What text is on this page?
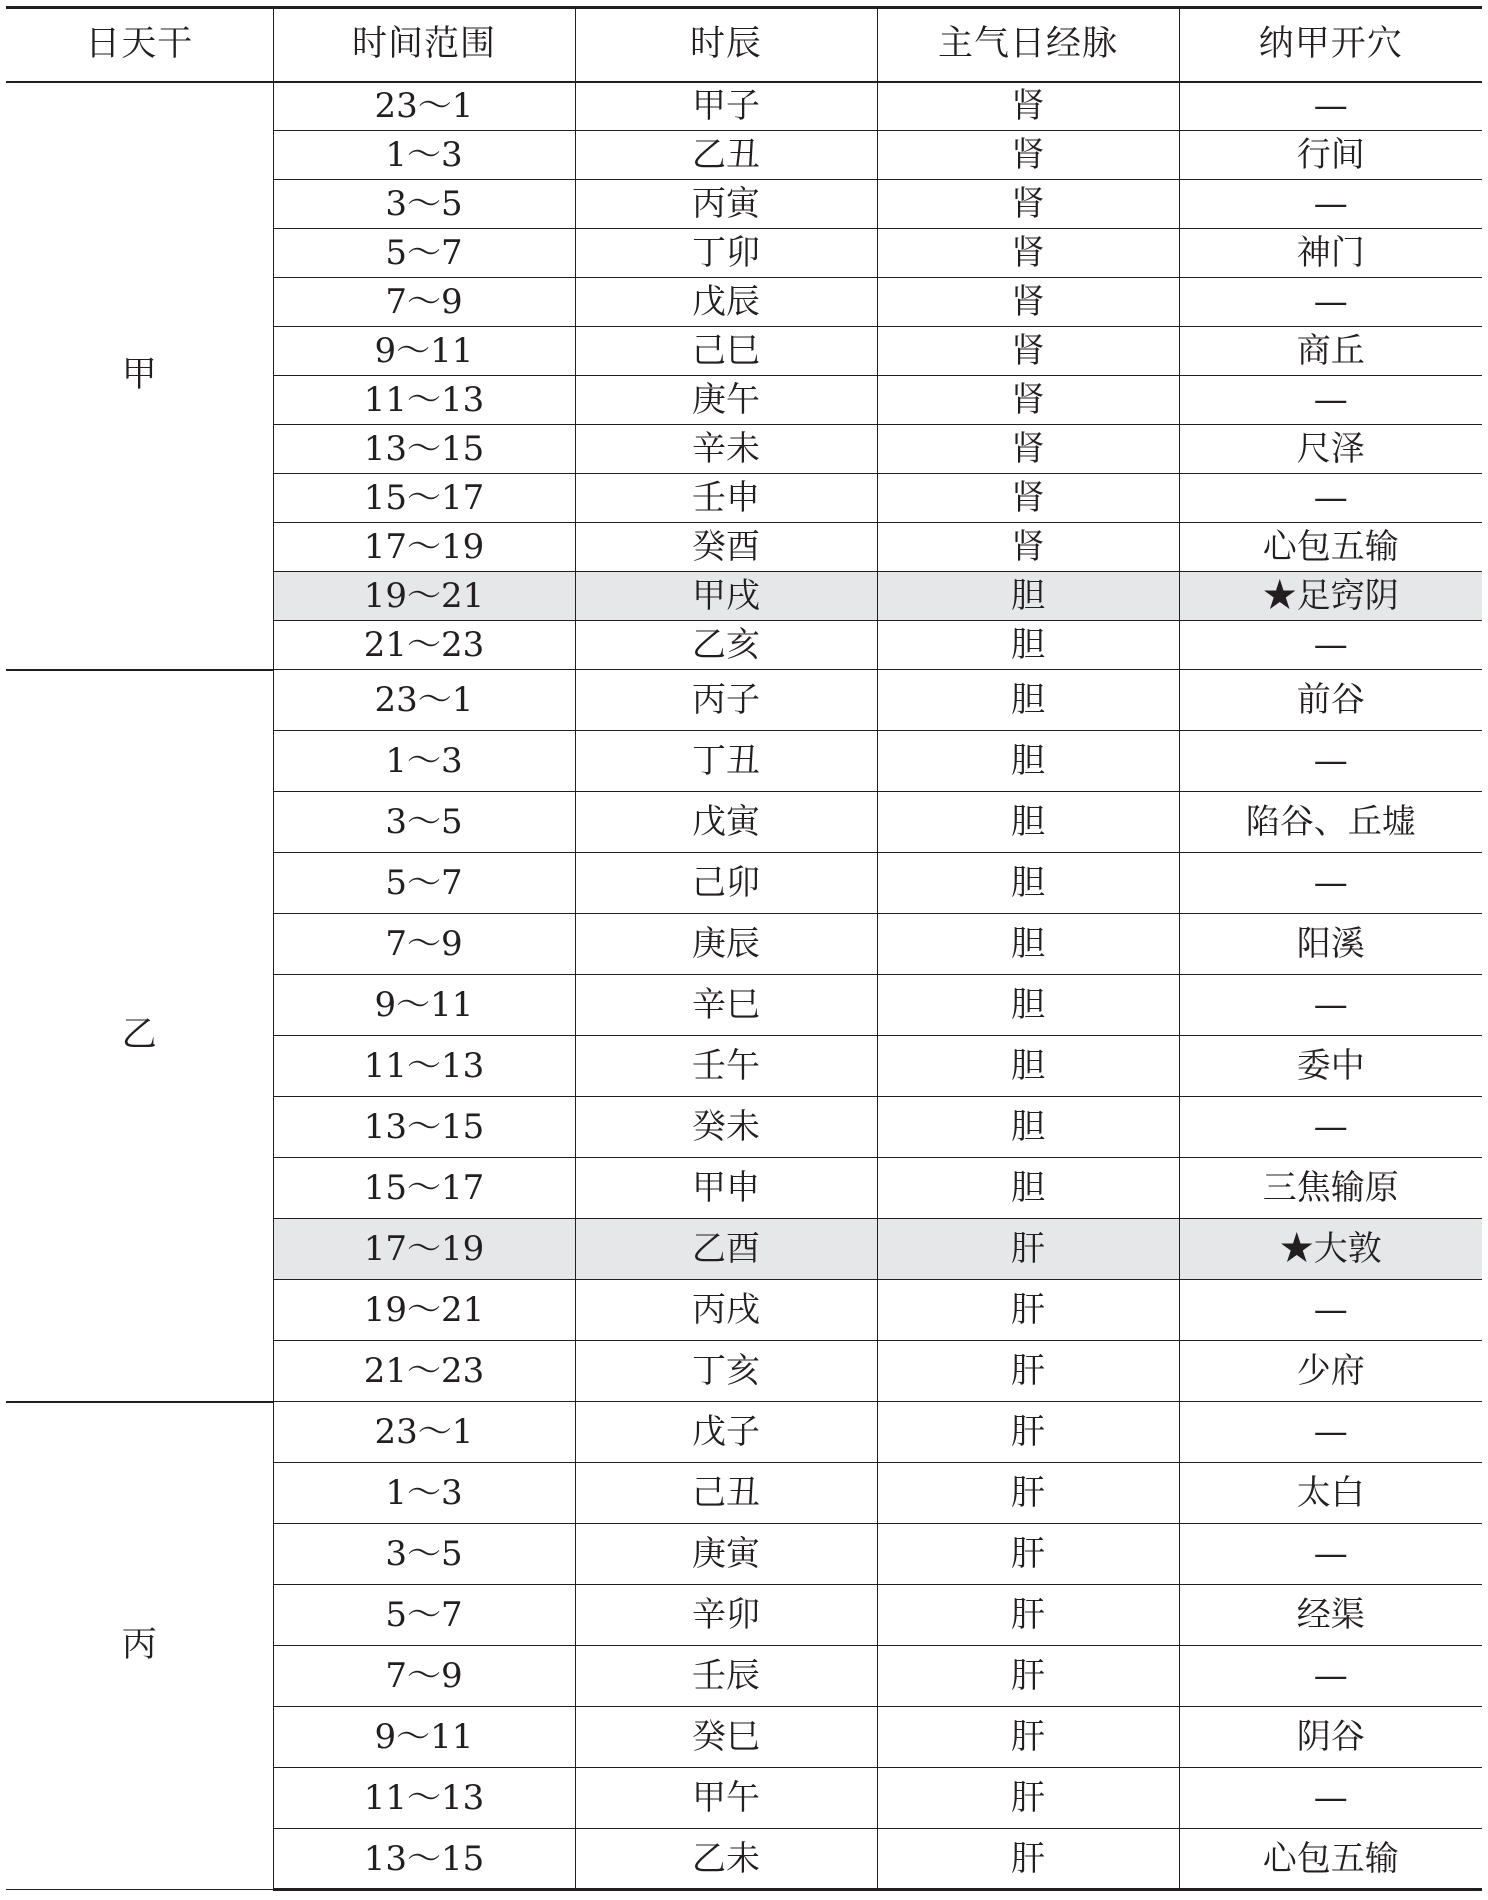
日天干	时间范围	时辰	主气日经脉	纳甲开穴
甲	23～1	甲子	肾	—
	1～3	乙丑	肾	行间
	3～5	丙寅	肾	—
	5～7	丁卯	肾	神门
	7～9	戊辰	肾	—
	9～11	己巳	肾	商丘
	11～13	庚午	肾	—
	13～15	辛未	肾	尺泽
	15～17	壬申	肾	—
	17～19	癸酉	肾	心包五输
	19～21	甲戌	胆	★足窍阴
	21～23	乙亥	胆	—
乙	23～1	丙子	胆	前谷
	1～3	丁丑	胆	—
	3～5	戊寅	胆	陷谷、丘墟
	5～7	己卯	胆	—
	7～9	庚辰	胆	阳溪
	9～11	辛巳	胆	—
	11～13	壬午	胆	委中
	13～15	癸未	胆	—
	15～17	甲申	胆	三焦输原
	17～19	乙酉	肝	★大敦
	19～21	丙戌	肝	—
	21～23	丁亥	肝	少府
丙	23～1	戊子	肝	—
	1～3	己丑	肝	太白
	3～5	庚寅	肝	—
	5～7	辛卯	肝	经渠
	7～9	壬辰	肝	—
	9～11	癸巳	肝	阴谷
	11～13	甲午	肝	—
	13～15	乙未	肝	心包五输
